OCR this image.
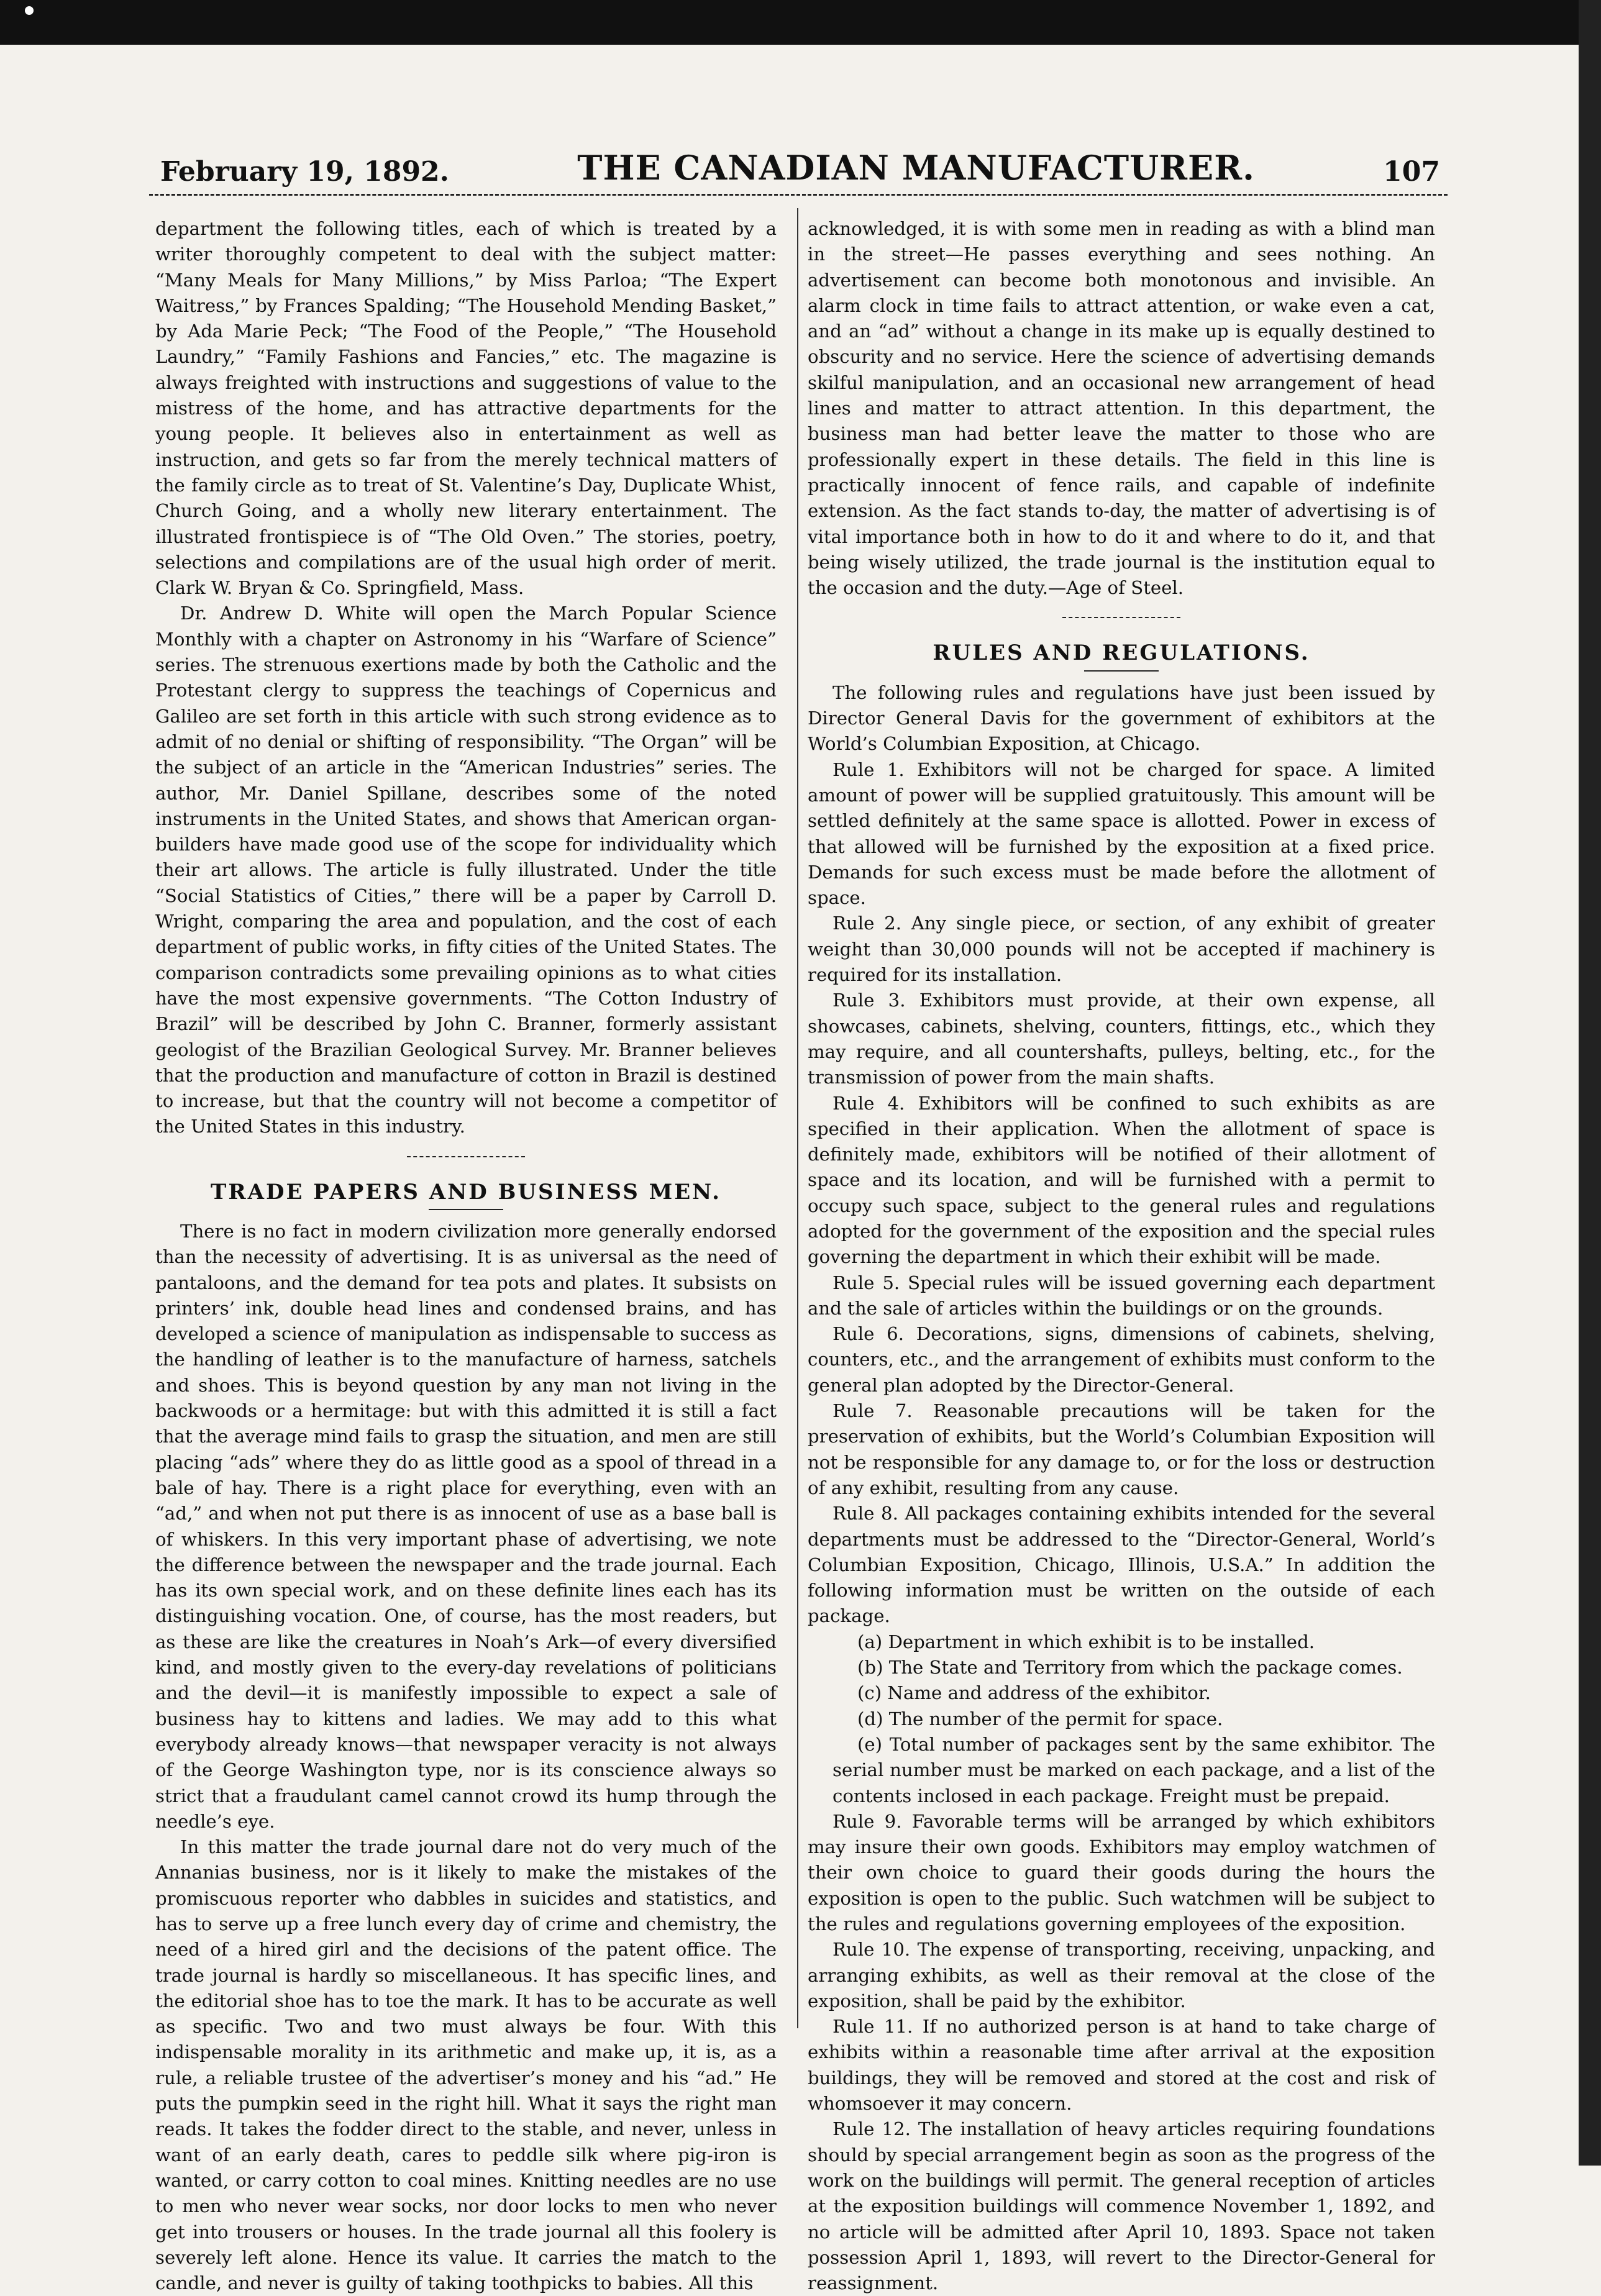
February 19, 1892.	THE CANADIAN MANUFACTURER.	107

department the following titles, each of which is treated by a writer thoroughly competent to deal with the subject matter: “Many Meals for Many Millions,” by Miss Parloa; “The Expert Waitress,” by Frances Spalding; “The Household Mending Basket,” by Ada Marie Peck; “The Food of the People,” “The Household Laundry,” “Family Fashions and Fancies,” etc. The magazine is always freighted with instructions and suggestions of value to the mistress of the home, and has attractive departments for the young people. It believes also in entertainment as well as instruction, and gets so far from the merely technical matters of the family circle as to treat of St. Valentine’s Day, Duplicate Whist, Church Going, and a wholly new literary entertainment. The illustrated frontispiece is of “The Old Oven.” The stories, poetry, selections and compilations are of the usual high order of merit. Clark W. Bryan & Co. Springfield, Mass.

Dr. Andrew D. White will open the March Popular Science Monthly with a chapter on Astronomy in his “Warfare of Science” series. The strenuous exertions made by both the Catholic and the Protestant clergy to suppress the teachings of Copernicus and Galileo are set forth in this article with such strong evidence as to admit of no denial or shifting of responsibility. “The Organ” will be the subject of an article in the “American Industries” series. The author, Mr. Daniel Spillane, describes some of the noted instruments in the United States, and shows that American organ-builders have made good use of the scope for individuality which their art allows. The article is fully illustrated. Under the title “Social Statistics of Cities,” there will be a paper by Carroll D. Wright, comparing the area and population, and the cost of each department of public works, in fifty cities of the United States. The comparison contradicts some prevailing opinions as to what cities have the most expensive governments. “The Cotton Industry of Brazil” will be described by John C. Branner, formerly assistant geologist of the Brazilian Geological Survey. Mr. Branner believes that the production and manufacture of cotton in Brazil is destined to increase, but that the country will not become a competitor of the United States in this industry.

TRADE PAPERS AND BUSINESS MEN.

There is no fact in modern civilization more generally endorsed than the necessity of advertising. It is as universal as the need of pantaloons, and the demand for tea pots and plates. It subsists on printers’ ink, double head lines and condensed brains, and has developed a science of manipulation as indispensable to success as the handling of leather is to the manufacture of harness, satchels and shoes. This is beyond question by any man not living in the backwoods or a hermitage: but with this admitted it is still a fact that the average mind fails to grasp the situation, and men are still placing “ads” where they do as little good as a spool of thread in a bale of hay. There is a right place for everything, even with an “ad,” and when not put there is as innocent of use as a base ball is of whiskers. In this very important phase of advertising, we note the difference between the newspaper and the trade journal. Each has its own special work, and on these definite lines each has its distinguishing vocation. One, of course, has the most readers, but as these are like the creatures in Noah’s Ark—of every diversified kind, and mostly given to the every-day revelations of politicians and the devil—it is manifestly impossible to expect a sale of business hay to kittens and ladies. We may add to this what everybody already knows—that newspaper veracity is not always of the George Washington type, nor is its conscience always so strict that a fraudulant camel cannot crowd its hump through the needle’s eye.

In this matter the trade journal dare not do very much of the Annanias business, nor is it likely to make the mistakes of the promiscuous reporter who dabbles in suicides and statistics, and has to serve up a free lunch every day of crime and chemistry, the need of a hired girl and the decisions of the patent office. The trade journal is hardly so miscellaneous. It has specific lines, and the editorial shoe has to toe the mark. It has to be accurate as well as specific. Two and two must always be four. With this indispensable morality in its arithmetic and make up, it is, as a rule, a reliable trustee of the advertiser’s money and his “ad.” He puts the pumpkin seed in the right hill. What it says the right man reads. It takes the fodder direct to the stable, and never, unless in want of an early death, cares to peddle silk where pig-iron is wanted, or carry cotton to coal mines. Knitting needles are no use to men who never wear socks, nor door locks to men who never get into trousers or houses. In the trade journal all this foolery is severely left alone. Hence its value. It carries the match to the candle, and never is guilty of taking toothpicks to babies. All this

acknowledged, it is with some men in reading as with a blind man in the street—He passes everything and sees nothing. An advertisement can become both monotonous and invisible. An alarm clock in time fails to attract attention, or wake even a cat, and an “ad” without a change in its make up is equally destined to obscurity and no service. Here the science of advertising demands skilful manipulation, and an occasional new arrangement of head lines and matter to attract attention. In this department, the business man had better leave the matter to those who are professionally expert in these details. The field in this line is practically innocent of fence rails, and capable of indefinite extension. As the fact stands to-day, the matter of advertising is of vital importance both in how to do it and where to do it, and that being wisely utilized, the trade journal is the institution equal to the occasion and the duty.—Age of Steel.

RULES AND REGULATIONS.

The following rules and regulations have just been issued by Director General Davis for the government of exhibitors at the World’s Columbian Exposition, at Chicago.

Rule 1. Exhibitors will not be charged for space. A limited amount of power will be supplied gratuitously. This amount will be settled definitely at the same space is allotted. Power in excess of that allowed will be furnished by the exposition at a fixed price. Demands for such excess must be made before the allotment of space.

Rule 2. Any single piece, or section, of any exhibit of greater weight than 30,000 pounds will not be accepted if machinery is required for its installation.

Rule 3. Exhibitors must provide, at their own expense, all showcases, cabinets, shelving, counters, fittings, etc., which they may require, and all countershafts, pulleys, belting, etc., for the transmission of power from the main shafts.

Rule 4. Exhibitors will be confined to such exhibits as are specified in their application. When the allotment of space is definitely made, exhibitors will be notified of their allotment of space and its location, and will be furnished with a permit to occupy such space, subject to the general rules and regulations adopted for the government of the exposition and the special rules governing the department in which their exhibit will be made.

Rule 5. Special rules will be issued governing each department and the sale of articles within the buildings or on the grounds.

Rule 6. Decorations, signs, dimensions of cabinets, shelving, counters, etc., and the arrangement of exhibits must conform to the general plan adopted by the Director-General.

Rule 7. Reasonable precautions will be taken for the preservation of exhibits, but the World’s Columbian Exposition will not be responsible for any damage to, or for the loss or destruction of any exhibit, resulting from any cause.

Rule 8. All packages containing exhibits intended for the several departments must be addressed to the “Director-General, World’s Columbian Exposition, Chicago, Illinois, U.S.A.” In addition the following information must be written on the outside of each package.

(a) Department in which exhibit is to be installed.

(b) The State and Territory from which the package comes.

(c) Name and address of the exhibitor.

(d) The number of the permit for space.

(e) Total number of packages sent by the same exhibitor. The serial number must be marked on each package, and a list of the contents inclosed in each package. Freight must be prepaid.

Rule 9. Favorable terms will be arranged by which exhibitors may insure their own goods. Exhibitors may employ watchmen of their own choice to guard their goods during the hours the exposition is open to the public. Such watchmen will be subject to the rules and regulations governing employees of the exposition.

Rule 10. The expense of transporting, receiving, unpacking, and arranging exhibits, as well as their removal at the close of the exposition, shall be paid by the exhibitor.

Rule 11. If no authorized person is at hand to take charge of exhibits within a reasonable time after arrival at the exposition buildings, they will be removed and stored at the cost and risk of whomsoever it may concern.

Rule 12. The installation of heavy articles requiring foundations should by special arrangement begin as soon as the progress of the work on the buildings will permit. The general reception of articles at the exposition buildings will commence November 1, 1892, and no article will be admitted after April 10, 1893. Space not taken possession April 1, 1893, will revert to the Director-General for reassignment.
